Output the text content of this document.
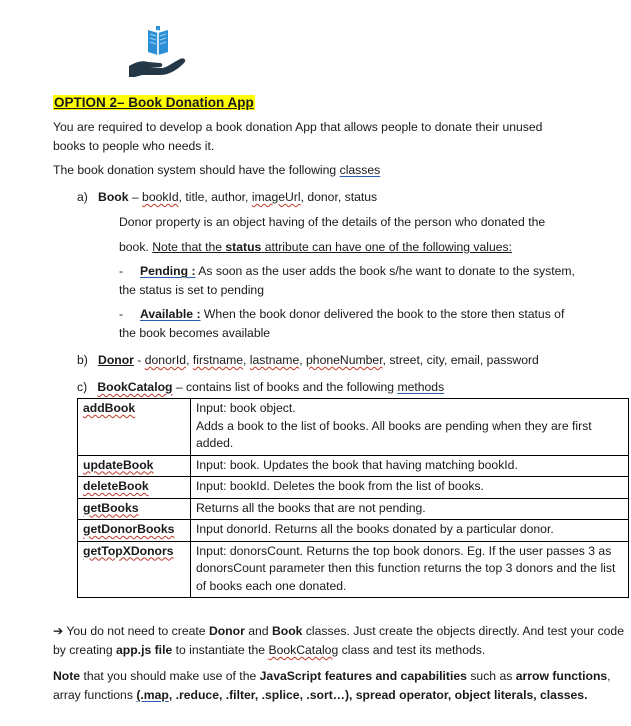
OPTION 2– Book Donation App
You are required to develop a book donation App that allows people to donate their unused
books to people who needs it.
The book donation system should have the following classes
a) Book – bookId, title, author, imageUrl, donor, status
Donor property is an object having of the details of the person who donated the
book. Note that the status attribute can have one of the following values:
- Pending : As soon as the user adds the book s/he want to donate to the system,
the status is set to pending
- Available : When the book donor delivered the book to the store then status of
the book becomes available
b) Donor - donorId, firstname, lastname, phoneNumber, street, city, email, password
c) BookCatalog – contains list of books and the following methods
addBook	Input: book object.
Adds a book to the list of books. All books are pending when they are first added.

updateBook	Input: book. Updates the book that having matching bookId.

deleteBook	Input: bookId. Deletes the book from the list of books.

getBooks	Returns all the books that are not pending.

getDonorBooks	Input donorId. Returns all the books donated by a particular donor.

getTopXDonors	Input: donorsCount. Returns the top book donors. Eg. If the user passes 3 as donorsCount parameter then this function returns the top 3 donors and the list of books each one donated.
➔ You do not need to create Donor and Book classes. Just create the objects directly. And test your code by creating app.js file to instantiate the BookCatalog class and test its methods.
Note that you should make use of the JavaScript features and capabilities such as arrow functions, array functions (.map, .reduce, .filter, .splice, .sort…), spread operator, object literals, classes.
